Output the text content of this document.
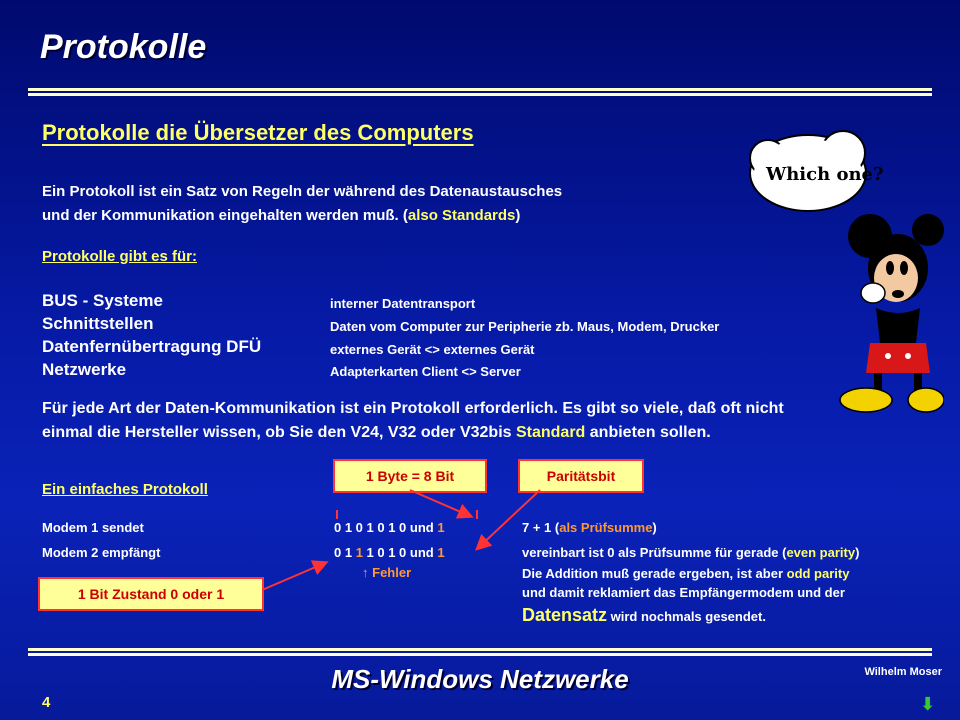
Protokolle
Protokolle die Übersetzer des Computers
Ein Protokoll ist ein Satz von Regeln der während des Datenaustausches
und der Kommunikation eingehalten werden muß. (also Standards)
Protokolle gibt es für:
BUS - Systeme	interner Datentransport
Schnittstellen	Daten vom Computer zur Peripherie zb. Maus, Modem, Drucker
Datenfernübertragung DFÜ	externes Gerät <> externes Gerät
Netzwerke	Adapterkarten Client <> Server
Für jede Art der Daten-Kommunikation ist ein Protokoll erforderlich. Es gibt so viele, daß oft nicht
einmal die Hersteller wissen, ob Sie den V24, V32 oder V32bis Standard anbieten sollen.
Ein einfaches Protokoll
1 Byte = 8 Bit	Paritätsbit
1 Bit Zustand 0 oder 1
Modem 1 sendet	0 1 0 1 0 1 0 und 1	7 + 1 (als Prüfsumme)
Modem 2 empfängt	0 1 1 1 0 1 0 und 1	vereinbart ist 0 als Prüfsumme für gerade (even parity)
↑ Fehler	Die Addition muß gerade ergeben, ist aber odd parity
und damit reklamiert das Empfängermodem und der
Datensatz wird nochmals gesendet.
Which one?
MS-Windows Netzwerke	Wilhelm Moser
4	⬇
